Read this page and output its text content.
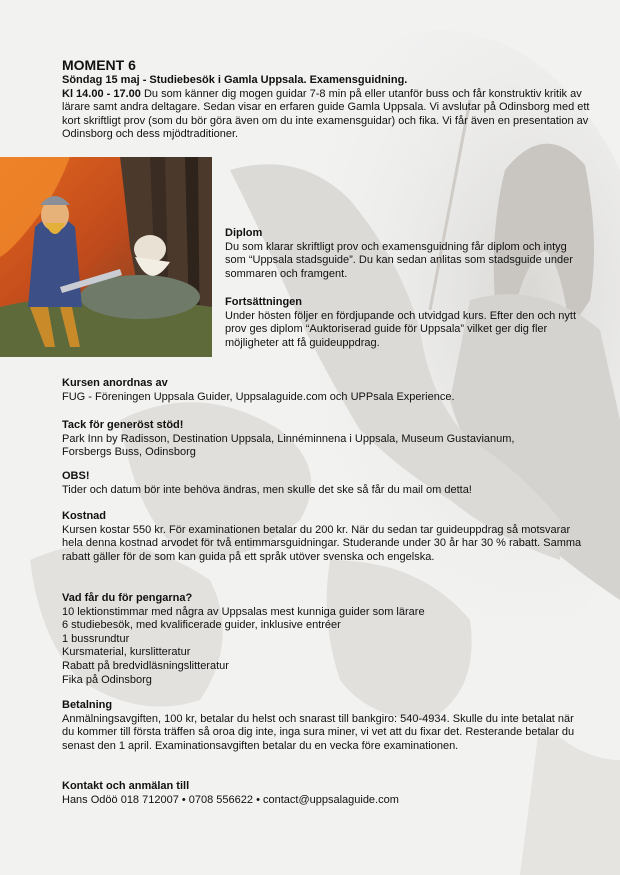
MOMENT 6

Söndag 15 maj - Studiebesök i Gamla Uppsala. Examensguidning.
Kl 14.00 - 17.00 Du som känner dig mogen guidar 7-8 min på eller utanför buss och får konstruktiv kritik av lärare samt andra deltagare. Sedan visar en erfaren guide Gamla Uppsala. Vi avslutar på Odinsborg med ett kort skriftligt prov (som du bör göra även om du inte examensguidar) och fika. Vi får även en presentation av Odinsborg och dess mjödtraditioner.

Diplom

Du som klarar skriftligt prov och examensguidning får diplom och intyg som “Uppsala stadsguide”. Du kan sedan anlitas som stadsguide under sommaren och framgent.

Fortsättningen

Under hösten följer en fördjupande och utvidgad kurs. Efter den och nytt prov ges diplom “Auktoriserad guide för Uppsala” vilket ger dig fler möjligheter att få guideuppdrag.

Kursen anordnas av

FUG - Föreningen Uppsala Guider, Uppsalaguide.com och UPPsala Experience.

Tack för generöst stöd!

Park Inn by Radisson, Destination Uppsala, Linnéminnena i Uppsala, Museum Gustavianum, Forsbergs Buss, Odinsborg

OBS!

Tider och datum bör inte behöva ändras, men skulle det ske så får du mail om detta!

Kostnad

Kursen kostar 550 kr. För examinationen betalar du 200 kr. När du sedan tar guideuppdrag så motsvarar hela denna kostnad arvodet för två entimmarsguidningar. Studerande under 30 år har 30 % rabatt. Samma rabatt gäller för de som kan guida på ett språk utöver svenska och engelska.

Vad får du för pengarna?

10 lektionstimmar med några av Uppsalas mest kunniga guider som lärare
6 studiebesök, med kvalificerade guider, inklusive entréer
1 bussrundtur
Kursmaterial, kurslitteratur
Rabatt på bredvidläsningslitteratur
Fika på Odinsborg

Betalning

Anmälningsavgiften, 100 kr, betalar du helst och snarast till bankgiro: 540-4934. Skulle du inte betalat när du kommer till första träffen så oroa dig inte, inga sura miner, vi vet att du fixar det. Resterande betalar du senast den 1 april. Examinationsavgiften betalar du en vecka före examinationen.

Kontakt och anmälan till

Hans Odöö 018 712007 • 0708 556622 • contact@uppsalaguide.com
